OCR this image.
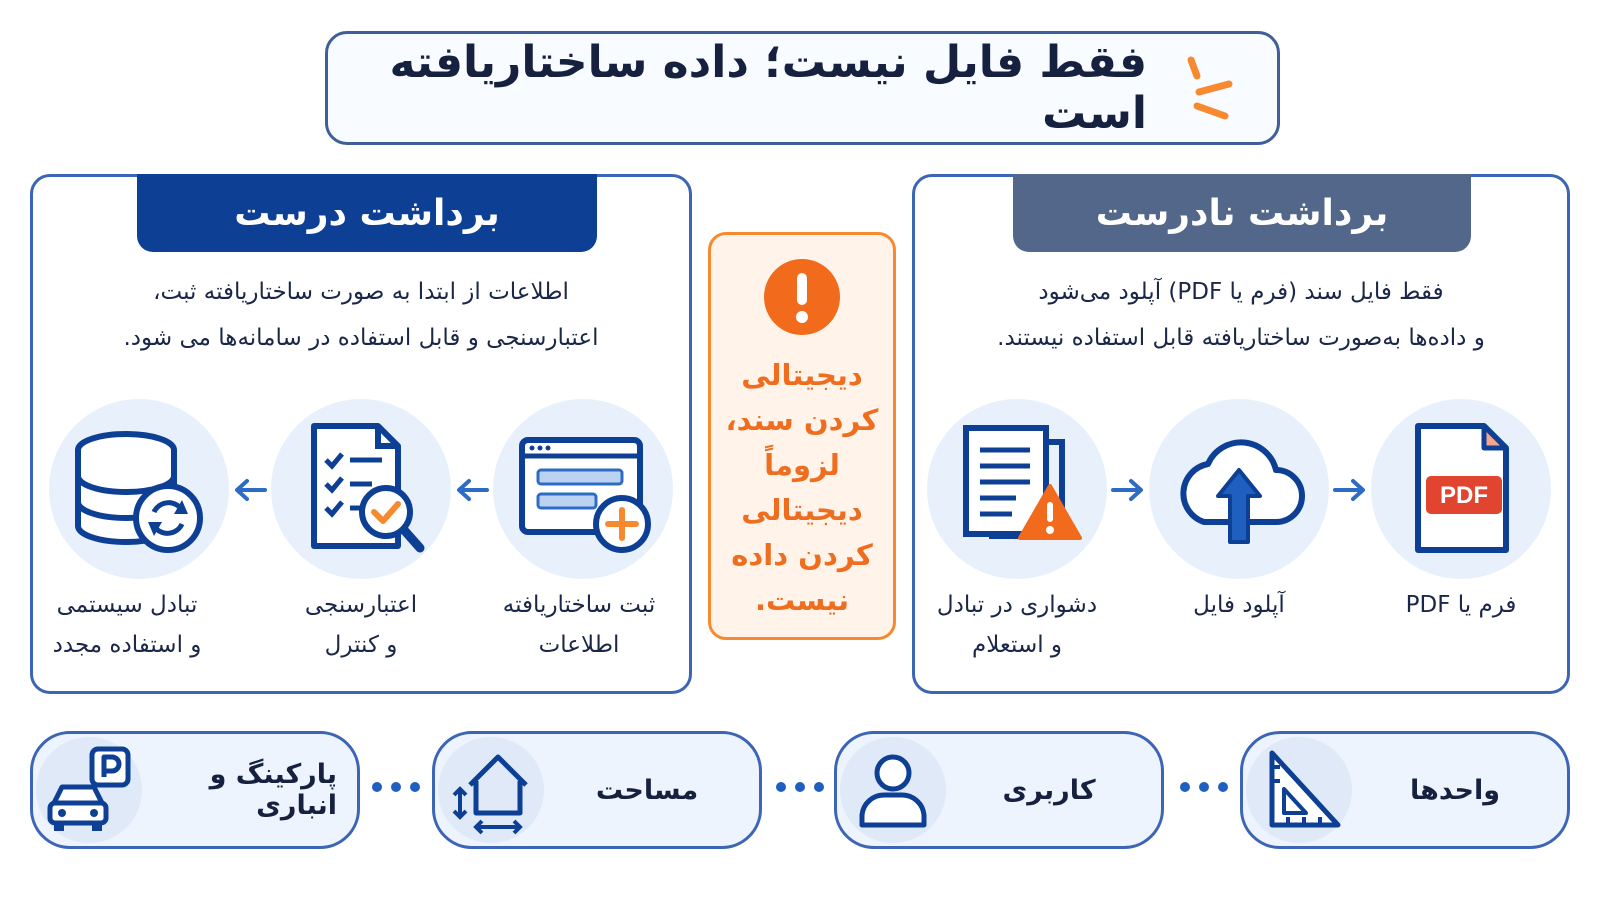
فقط فایل نیست؛ داده ساختاریافته است
برداشت درست
اطلاعات از ابتدا به صورت ساختاریافته ثبت،
اعتبارسنجی و قابل استفاده در سامانه‌ها می شود.
تبادل سیستمی
و استفاده مجدد
اعتبارسنجی
و کنترل
ثبت ساختاریافته
اطلاعات
دیجیتالی
کردن سند،
لزوماً
دیجیتالی
کردن داده
نیست.
برداشت نادرست
فقط فایل سند (فرم یا PDF) آپلود می‌شود
و داده‌ها به‌صورت ساختاریافته قابل استفاده نیستند.
دشواری در تبادل
و استعلام
آپلود فایل
PDF
فرم یا PDF
پارکینگ و انباری	مساحت	کاربری	واحدها
